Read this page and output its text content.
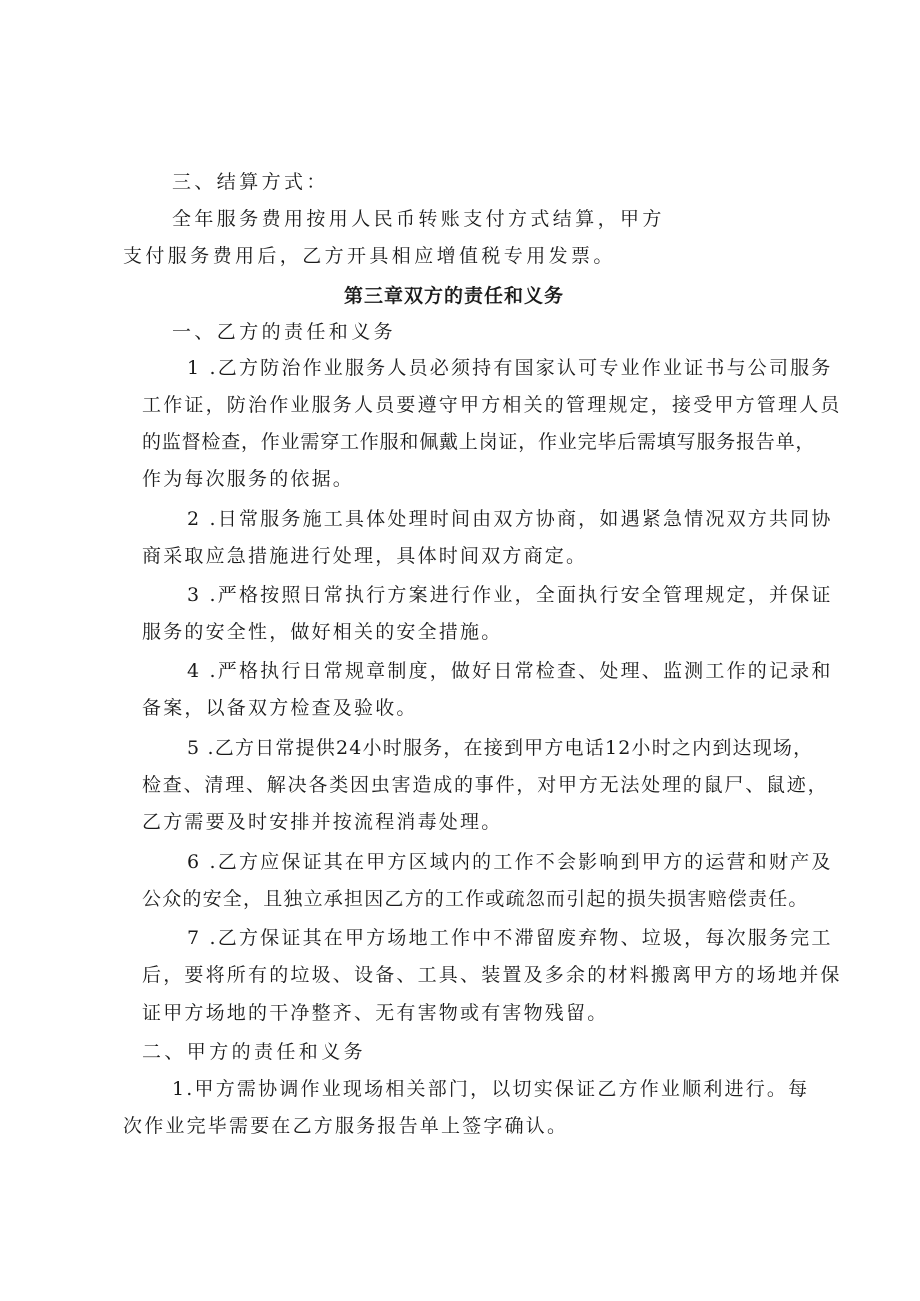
三、结算方式：
全年服务费用按用人民币转账支付方式结算，甲方
支付服务费用后，乙方开具相应增值税专用发票。
第三章双方的责任和义务
一、乙方的责任和义务
1 .乙方防治作业服务人员必须持有国家认可专业作业证书与公司服务
工作证，防治作业服务人员要遵守甲方相关的管理规定，接受甲方管理人员
的监督检查，作业需穿工作服和佩戴上岗证，作业完毕后需填写服务报告单，
作为每次服务的依据。
2 .日常服务施工具体处理时间由双方协商，如遇紧急情况双方共同协
商采取应急措施进行处理，具体时间双方商定。
3 .严格按照日常执行方案进行作业，全面执行安全管理规定，并保证
服务的安全性，做好相关的安全措施。
4 .严格执行日常规章制度，做好日常检查、处理、监测工作的记录和
备案，以备双方检查及验收。
5 .乙方日常提供24小时服务，在接到甲方电话12小时之内到达现场，
检查、清理、解决各类因虫害造成的事件，对甲方无法处理的鼠尸、鼠迹，
乙方需要及时安排并按流程消毒处理。
6 .乙方应保证其在甲方区域内的工作不会影响到甲方的运营和财产及
公众的安全，且独立承担因乙方的工作或疏忽而引起的损失损害赔偿责任。
7 .乙方保证其在甲方场地工作中不滞留废弃物、垃圾，每次服务完工
后，要将所有的垃圾、设备、工具、装置及多余的材料搬离甲方的场地并保
证甲方场地的干净整齐、无有害物或有害物残留。
二、甲方的责任和义务
1.甲方需协调作业现场相关部门，以切实保证乙方作业顺利进行。每
次作业完毕需要在乙方服务报告单上签字确认。
